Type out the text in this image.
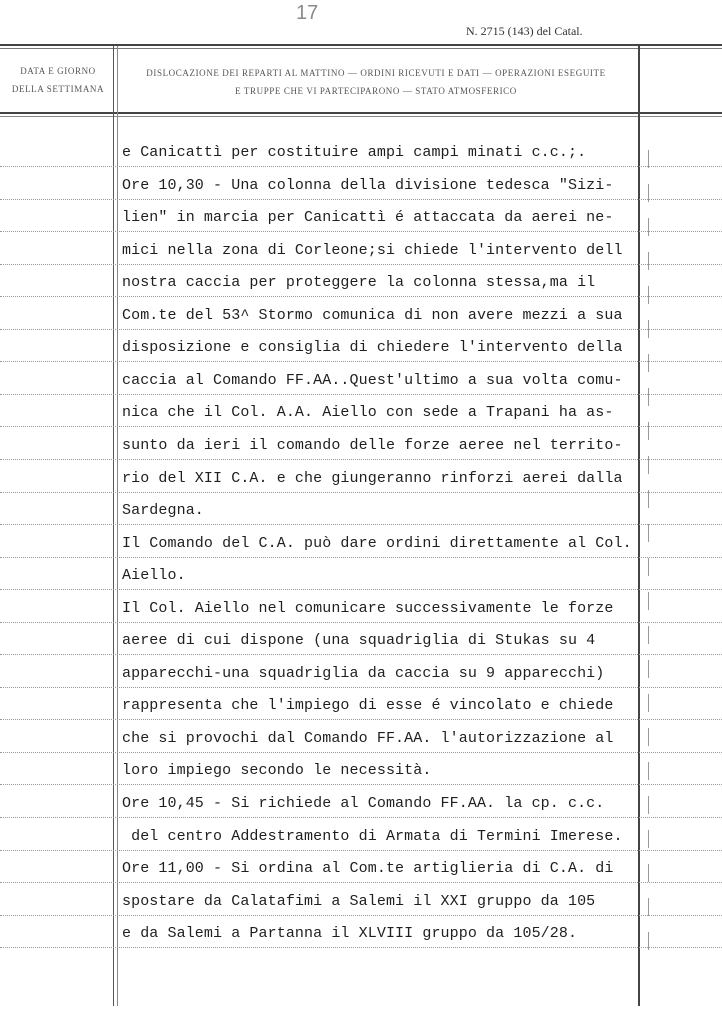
17
N. 2715 (143) del Catal.
DATA E GIORNO
DELLA SETTIMANA
DISLOCAZIONE DEI REPARTI AL MATTINO — ORDINI RICEVUTI E DATI — OPERAZIONI ESEGUITE
E TRUPPE CHE VI PARTECIPARONO — STATO ATMOSFERICO
e Canicattì per costituire ampi campi minati c.c.;.
Ore 10,30 - Una colonna della divisione tedesca "Sizi-
lien" in marcia per Canicattì é attaccata da aerei ne-
mici nella zona di Corleone;si chiede l'intervento dell
nostra caccia per proteggere la colonna stessa,ma il
Com.te del 53^ Stormo comunica di non avere mezzi a sua
disposizione e consiglia di chiedere l'intervento della
caccia al Comando FF.AA..Quest'ultimo a sua volta comu-
nica che il Col. A.A. Aiello con sede a Trapani ha as-
sunto da ieri il comando delle forze aeree nel territo-
rio del XII C.A. e che giungeranno rinforzi aerei dalla
Sardegna.
Il Comando del C.A. può dare ordini direttamente al Col.
Aiello.
Il Col. Aiello nel comunicare successivamente le forze
aeree di cui dispone (una squadriglia di Stukas su 4
apparecchi-una squadriglia da caccia su 9 apparecchi)
rappresenta che l'impiego di esse é vincolato e chiede
che si provochi dal Comando FF.AA. l'autorizzazione al
loro impiego secondo le necessità.
Ore 10,45 - Si richiede al Comando FF.AA. la cp. c.c.
del centro Addestramento di Armata di Termini Imerese.
Ore 11,00 - Si ordina al Com.te artiglieria di C.A. di
spostare da Calatafimi a Salemi il XXI gruppo da 105
e da Salemi a Partanna il XLVIII gruppo da 105/28.
